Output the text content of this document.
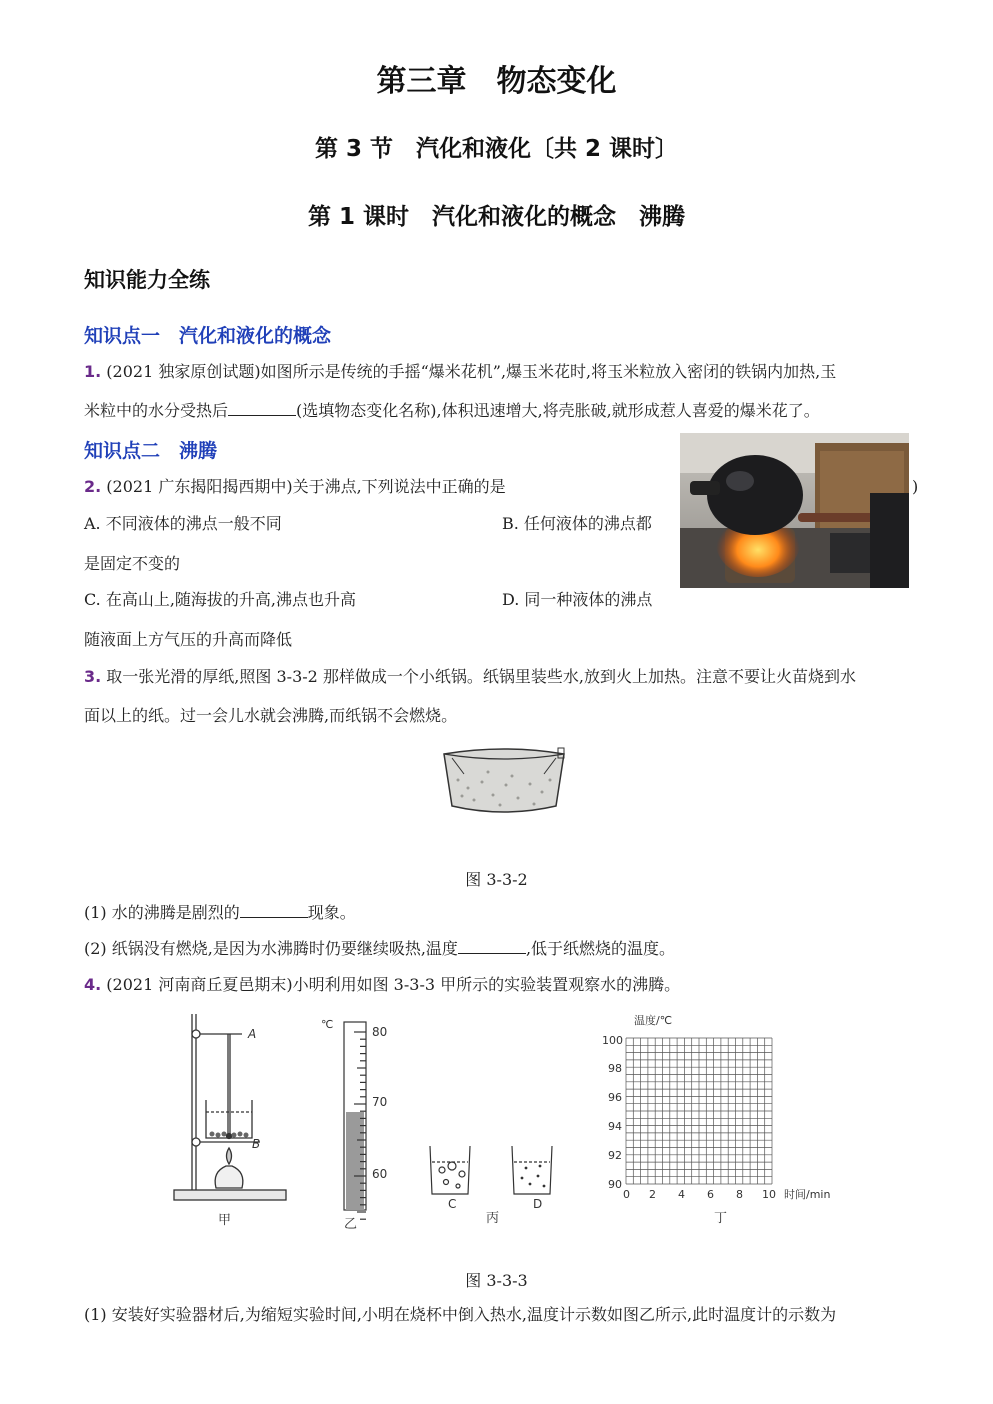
第三章　物态变化
第 3 节　汽化和液化〔共 2 课时〕
第 1 课时　汽化和液化的概念　沸腾
知识能力全练
知识点一　汽化和液化的概念
1. (2021 独家原创试题)如图所示是传统的手摇“爆米花机”,爆玉米花时,将玉米粒放入密闭的铁锅内加热,玉
米粒中的水分受热后	(选填物态变化名称),体积迅速增大,将壳胀破,就形成惹人喜爱的爆米花了。
知识点二　沸腾
2. (2021 广东揭阳揭西期中)关于沸点,下列说法中正确的是	)
A. 不同液体的沸点一般不同	B. 任何液体的沸点都
是固定不变的
C. 在高山上,随海拔的升高,沸点也升高	D. 同一种液体的沸点
随液面上方气压的升高而降低
3. 取一张光滑的厚纸,照图 3-3-2 那样做成一个小纸锅。纸锅里装些水,放到火上加热。注意不要让火苗烧到水
面以上的纸。过一会儿水就会沸腾,而纸锅不会燃烧。
图 3-3-2
(1) 水的沸腾是剧烈的	现象。
(2) 纸锅没有燃烧,是因为水沸腾时仍要继续吸热,温度	,低于纸燃烧的温度。
4. (2021 河南商丘夏邑期末)小明利用如图 3-3-3 甲所示的实验装置观察水的沸腾。
A
B
甲
℃
80
70
60
乙
C	D
丙
温度/℃
时间/min
100
98
96
94
92
90
0 2 4 6 8 10
丁
图 3-3-3
(1) 安装好实验器材后,为缩短实验时间,小明在烧杯中倒入热水,温度计示数如图乙所示,此时温度计的示数为
